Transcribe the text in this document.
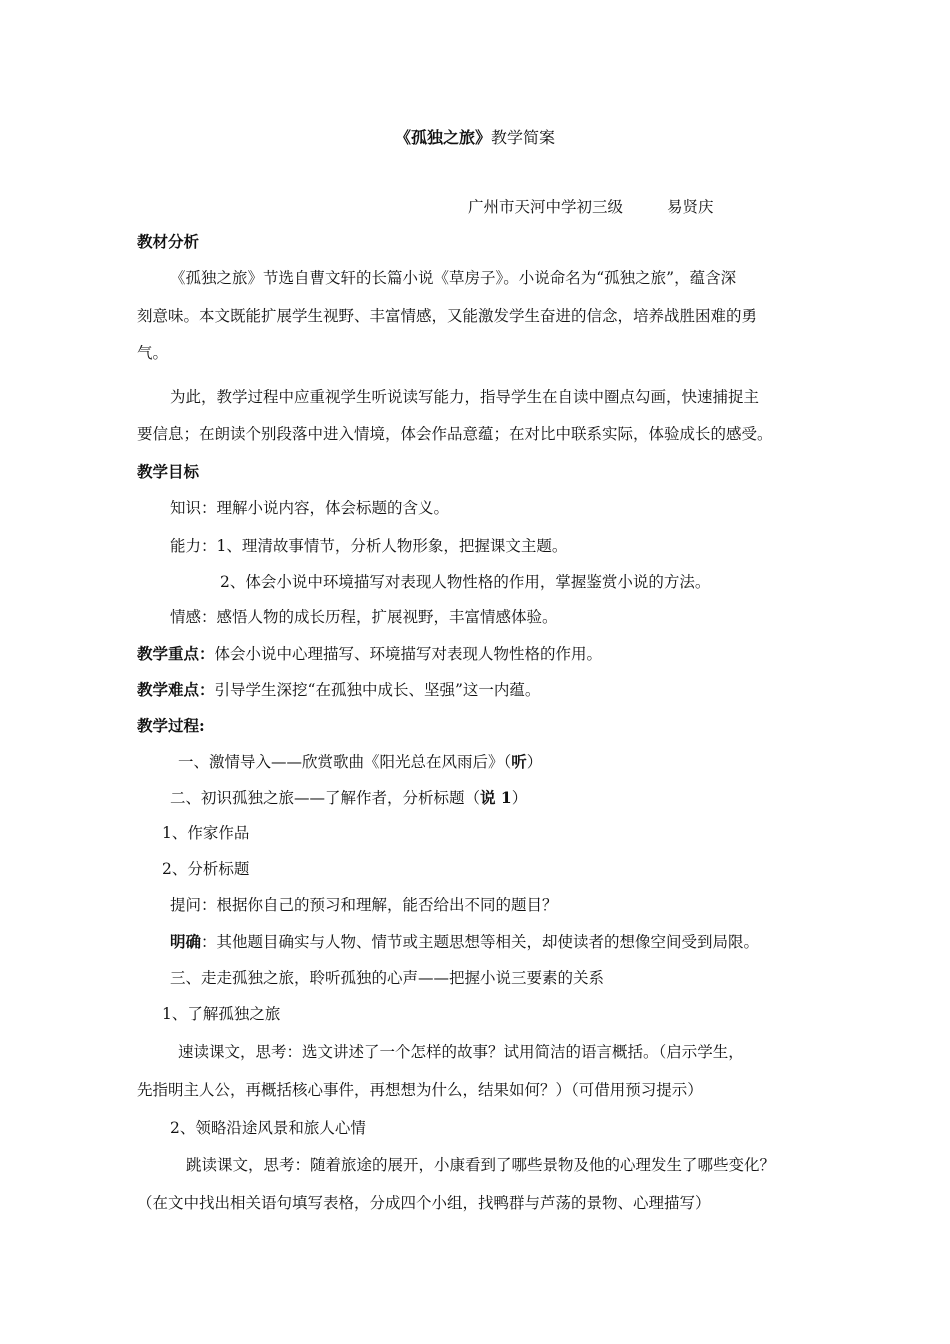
《孤独之旅》教学简案
广州市天河中学初三级	易贤庆
教材分析
《孤独之旅》节选自曹文轩的长篇小说《草房子》。小说命名为“孤独之旅”，蕴含深
刻意味。本文既能扩展学生视野、丰富情感，又能激发学生奋进的信念，培养战胜困难的勇
气。
为此，教学过程中应重视学生听说读写能力，指导学生在自读中圈点勾画，快速捕捉主
要信息；在朗读个别段落中进入情境，体会作品意蕴；在对比中联系实际，体验成长的感受。
教学目标
知识：理解小说内容，体会标题的含义。
能力：1、理清故事情节，分析人物形象，把握课文主题。
2、体会小说中环境描写对表现人物性格的作用，掌握鉴赏小说的方法。
情感：感悟人物的成长历程，扩展视野，丰富情感体验。
教学重点：体会小说中心理描写、环境描写对表现人物性格的作用。
教学难点：引导学生深挖“在孤独中成长、坚强”这一内蕴。
教学过程:
一、激情导入——欣赏歌曲《阳光总在风雨后》（听）
二、初识孤独之旅——了解作者，分析标题（说 1）
1、作家作品
2、分析标题
提问：根据你自己的预习和理解，能否给出不同的题目？
明确：其他题目确实与人物、情节或主题思想等相关，却使读者的想像空间受到局限。
三、走走孤独之旅，聆听孤独的心声——把握小说三要素的关系
1、了解孤独之旅
速读课文，思考：选文讲述了一个怎样的故事？试用简洁的语言概括。（启示学生，
先指明主人公，再概括核心事件，再想想为什么，结果如何？）（可借用预习提示）
2、领略沿途风景和旅人心情
跳读课文，思考：随着旅途的展开，小康看到了哪些景物及他的心理发生了哪些变化？
（在文中找出相关语句填写表格，分成四个小组，找鸭群与芦荡的景物、心理描写）
